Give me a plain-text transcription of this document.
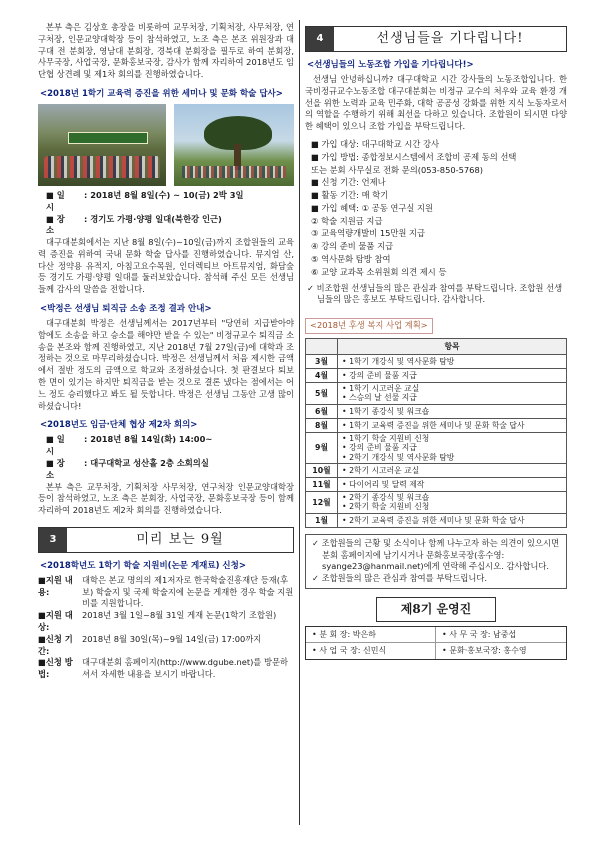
본부 측은 김상호 총장을 비롯하여 교무처장, 기획처장, 사무처장, 연구처장, 인문교양대학장 등이 참석하였고, 노조 측은 본조 위원장과 대구대 전 분회장, 영남대 분회장, 경북대 분회장을 필두로 하여 분회장, 사무국장, 사업국장, 문화홍보국장, 감사가 함께 자리하여 2018년도 임단협 상견례 및 제1차 회의를 진행하였습니다.

<2018년 1학기 교육력 증진을 위한 세미나 및 문화 학술 답사>
■ 일　　시
: 2018년 8월 8일(수) ~ 10(금) 2박 3일
■ 장　　소
: 경기도 가평·양평 일대(북한강 인근)

대구대분회에서는 지난 8월 8일(수)~10일(금)까지 조합원들의 교육력 증진을 위하여 국내 문화 학술 답사를 진행하였습니다. 뮤지엄 산, 다산 정약용 유적지, 아침고요수목원, 인더렉티브 아트뮤지엄, 화담숲 등 경기도 가평·양평 일대를 둘러보았습니다. 참석해 주신 모든 선생님들께 감사의 말씀을 전합니다.

<박정은 선생님 퇴직금 소송 조정 결과 안내>

대구대분회 박정은 선생님께서는 2017년부터 "당연히 지급받아야 함에도 소송을 하고 승소를 해야만 받을 수 있는" 비정규교수 퇴직금 소송을 본조와 함께 진행하였고, 지난 2018년 7월 27일(금)에 대학과 조정하는 것으로 마무리하셨습니다. 박정은 선생님께서 처음 제시한 금액에서 절반 정도의 금액으로 학교와 조정하셨습니다. 첫 판결보다 퇴보한 면이 있기는 하지만 퇴직금을 받는 것으로 결론 냈다는 점에서는 어느 정도 승리했다고 봐도 될 듯합니다. 박정은 선생님 그동안 고생 많이 하셨습니다!

<2018년도 임금·단체 협상 제2차 회의>
■ 일　　시
: 2018년 8월 14일(화) 14:00~
■ 장　　소
: 대구대학교 성산홀 2층 소회의실

본부 측은 교무처장, 기획처장 사무처장, 연구처장 인문교양대학장 등이 참석하였고, 노조 측은 분회장, 사업국장, 문화홍보국장 등이 함께 자리하여 2018년도 제2차 회의를 진행하였습니다.

3	미리 보는 9월
<2018학년도 1학기 학술 지원비(논문 게재료) 신청>
■지원 내용:
대학은 본교 명의의 제1저자로 한국학술진흥재단 등재(후보) 학술지 및 국제 학술지에 논문을 게재한 경우 학술 지원비를 지원합니다.
■지원 대상:
2018년 3월 1일~8월 31일 게재 논문(1학기 조합원)
■신청 기간:
2018년 8월 30일(목)~9월 14일(금) 17:00까지
■신청 방법:
대구대분회 홈페이지(http://www.dgube.net)를 방문하셔서 자세한 내용을 보시기 바랍니다.
4	선생님들을 기다립니다!
<선생님들의 노동조합 가입을 기다립니다!>

선생님 안녕하십니까? 대구대학교 시간 강사들의 노동조합입니다. 한국비정규교수노동조합 대구대분회는 비정규 교수의 처우와 교육 환경 개선을 위한 노력과 교육 민주화, 대학 공공성 강화를 위한 지식 노동자로서의 역할을 수행하기 위해 최선을 다하고 있습니다. 조합원이 되시면 다양한 혜택이 있으니 조합 가입을 부탁드립니다.

■ 가입 대상: 대구대학교 시간 강사
■ 가입 방법: 종합정보시스템에서 조합비 공제 동의 선택
또는 분회 사무실로 전화 문의(053-850-5768)
■ 신청 기간: 언제나
■ 활동 기간: 매 학기
■ 가입 혜택: ① 공동 연구실 지원
② 학술 지원금 지급
③ 교육역량개발비 15만원 지급
④ 강의 준비 물품 지급
⑤ 역사문화 탐방 참여
⑥ 교양 교과목 소위원회 의견 제시 등
✓ 비조합원 선생님들의 많은 관심과 참여를 부탁드립니다. 조합원 선생님들의 많은 홍보도 부탁드립니다. 감사합니다.
<2018년 후생 복지 사업 계획>
	항목
3월	• 1학기 개강식 및 역사문화 탐방
4월	• 강의 준비 물품 지급
5월	• 1학기 시고러운 교실
• 스승의 날 선물 지급
6월	• 1학기 종강식 및 워크숍
8월	• 1학기 교육력 증진을 위한 세미나 및 문화 학술 답사
9월	• 1학기 학술 지원비 신청
• 강의 준비 물품 지급
• 2학기 개강식 및 역사문화 탐방
10월	• 2학기 시고러운 교실
11월	• 다이어리 및 달력 제작
12월	• 2학기 종강식 및 워크숍
• 2학기 학술 지원비 신청
1월	• 2학기 교육력 증진을 위한 세미나 및 문화 학술 답사
✓ 조합원들의 근황 및 소식이나 함께 나누고자 하는 의견이 있으시면 분회 홈페이지에 남기시거나 문화홍보국장(홍수영: syange23@hanmail.net)에게 연락해 주십시오. 감사합니다.
✓ 조합원들의 많은 관심과 참여를 부탁드립니다.
제8기 운영진
• 분 회 장: 박은하	• 사 무 국 장: 남중섭
• 사 업 국 장: 신민식	• 문화·홍보국장: 홍수영
